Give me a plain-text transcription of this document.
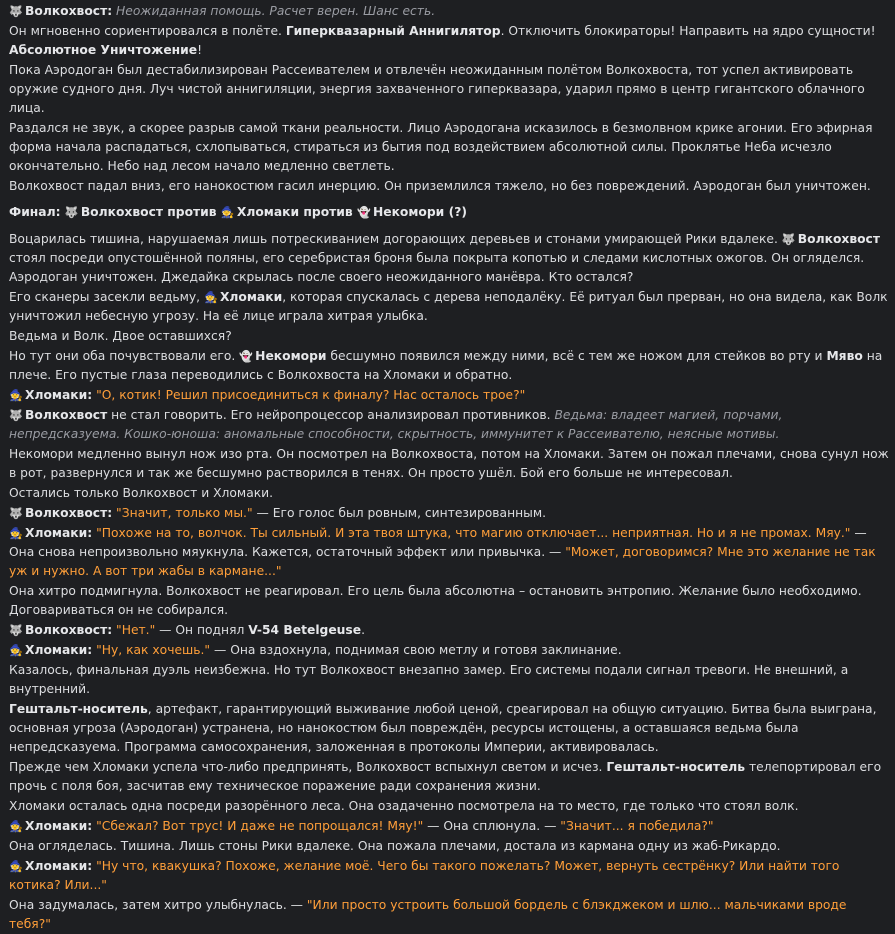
🐺 Волкохвост: Неожиданная помощь. Расчет верен. Шанс есть.
Он мгновенно сориентировался в полёте. Гиперквазарный Аннигилятор. Отключить блокираторы! Направить на ядро сущности! Абсолютное Уничтожение!
Пока Аэродоган был дестабилизирован Рассеивателем и отвлечён неожиданным полётом Волкохвоста, тот успел активировать оружие судного дня. Луч чистой аннигиляции, энергия захваченного гиперквазара, ударил прямо в центр гигантского облачного лица.
Раздался не звук, а скорее разрыв самой ткани реальности. Лицо Аэродогана исказилось в безмолвном крике агонии. Его эфирная форма начала распадаться, схлопываться, стираться из бытия под воздействием абсолютной силы. Проклятье Неба исчезло окончательно. Небо над лесом начало медленно светлеть.
Волкохвост падал вниз, его нанокостюм гасил инерцию. Он приземлился тяжело, но без повреждений. Аэродоган был уничтожен.
Финал: 🐺 Волкохвост против 🧙 Хломаки против 👻 Некомори (?)
Воцарилась тишина, нарушаемая лишь потрескиванием догорающих деревьев и стонами умирающей Рики вдалеке. 🐺 Волкохвост стоял посреди опустошённой поляны, его серебристая броня была покрыта копотью и следами кислотных ожогов. Он огляделся. Аэродоган уничтожен. Джедайка скрылась после своего неожиданного манёвра. Кто остался?
Его сканеры засекли ведьму, 🧙 Хломаки, которая спускалась с дерева неподалёку. Её ритуал был прерван, но она видела, как Волк уничтожил небесную угрозу. На её лице играла хитрая улыбка.
Ведьма и Волк. Двое оставшихся?
Но тут они оба почувствовали его. 👻 Некомори бесшумно появился между ними, всё с тем же ножом для стейков во рту и Мяво на плече. Его пустые глаза переводились с Волкохвоста на Хломаки и обратно.
🧙 Хломаки: "О, котик! Решил присоединиться к финалу? Нас осталось трое?"
🐺 Волкохвост не стал говорить. Его нейропроцессор анализировал противников. Ведьма: владеет магией, порчами, непредсказуема. Кошко-юноша: аномальные способности, скрытность, иммунитет к Рассеивателю, неясные мотивы.
Некомори медленно вынул нож изо рта. Он посмотрел на Волкохвоста, потом на Хломаки. Затем он пожал плечами, снова сунул нож в рот, развернулся и так же бесшумно растворился в тенях. Он просто ушёл. Бой его больше не интересовал.
Остались только Волкохвост и Хломаки.
🐺 Волкохвост: "Значит, только мы." — Его голос был ровным, синтезированным.
🧙 Хломаки: "Похоже на то, волчок. Ты сильный. И эта твоя штука, что магию отключает... неприятная. Но и я не промах. Мяу." — Она снова непроизвольно мяукнула. Кажется, остаточный эффект или привычка. — "Может, договоримся? Мне это желание не так уж и нужно. А вот три жабы в кармане..."
Она хитро подмигнула. Волкохвост не реагировал. Его цель была абсолютна – остановить энтропию. Желание было необходимо. Договариваться он не собирался.
🐺 Волкохвост: "Нет." — Он поднял V-54 Betelgeuse.
🧙 Хломаки: "Ну, как хочешь." — Она вздохнула, поднимая свою метлу и готовя заклинание.
Казалось, финальная дуэль неизбежна. Но тут Волкохвост внезапно замер. Его системы подали сигнал тревоги. Не внешний, а внутренний.
Гештальт-носитель, артефакт, гарантирующий выживание любой ценой, среагировал на общую ситуацию. Битва была выиграна, основная угроза (Аэродоган) устранена, но нанокостюм был повреждён, ресурсы истощены, а оставшаяся ведьма была непредсказуема. Программа самосохранения, заложенная в протоколы Империи, активировалась.
Прежде чем Хломаки успела что-либо предпринять, Волкохвост вспыхнул светом и исчез. Гештальт-носитель телепортировал его прочь с поля боя, засчитав ему техническое поражение ради сохранения жизни.
Хломаки осталась одна посреди разорённого леса. Она озадаченно посмотрела на то место, где только что стоял волк.
🧙 Хломаки: "Сбежал? Вот трус! И даже не попрощался! Мяу!" — Она сплюнула. — "Значит... я победила?"
Она огляделась. Тишина. Лишь стоны Рики вдалеке. Она пожала плечами, достала из кармана одну из жаб-Рикардо.
🧙 Хломаки: "Ну что, квакушка? Похоже, желание моё. Чего бы такого пожелать? Может, вернуть сестрёнку? Или найти того котика? Или..."
Она задумалась, затем хитро улыбнулась. — "Или просто устроить большой бордель с блэкджеком и шлю... мальчиками вроде тебя?"
